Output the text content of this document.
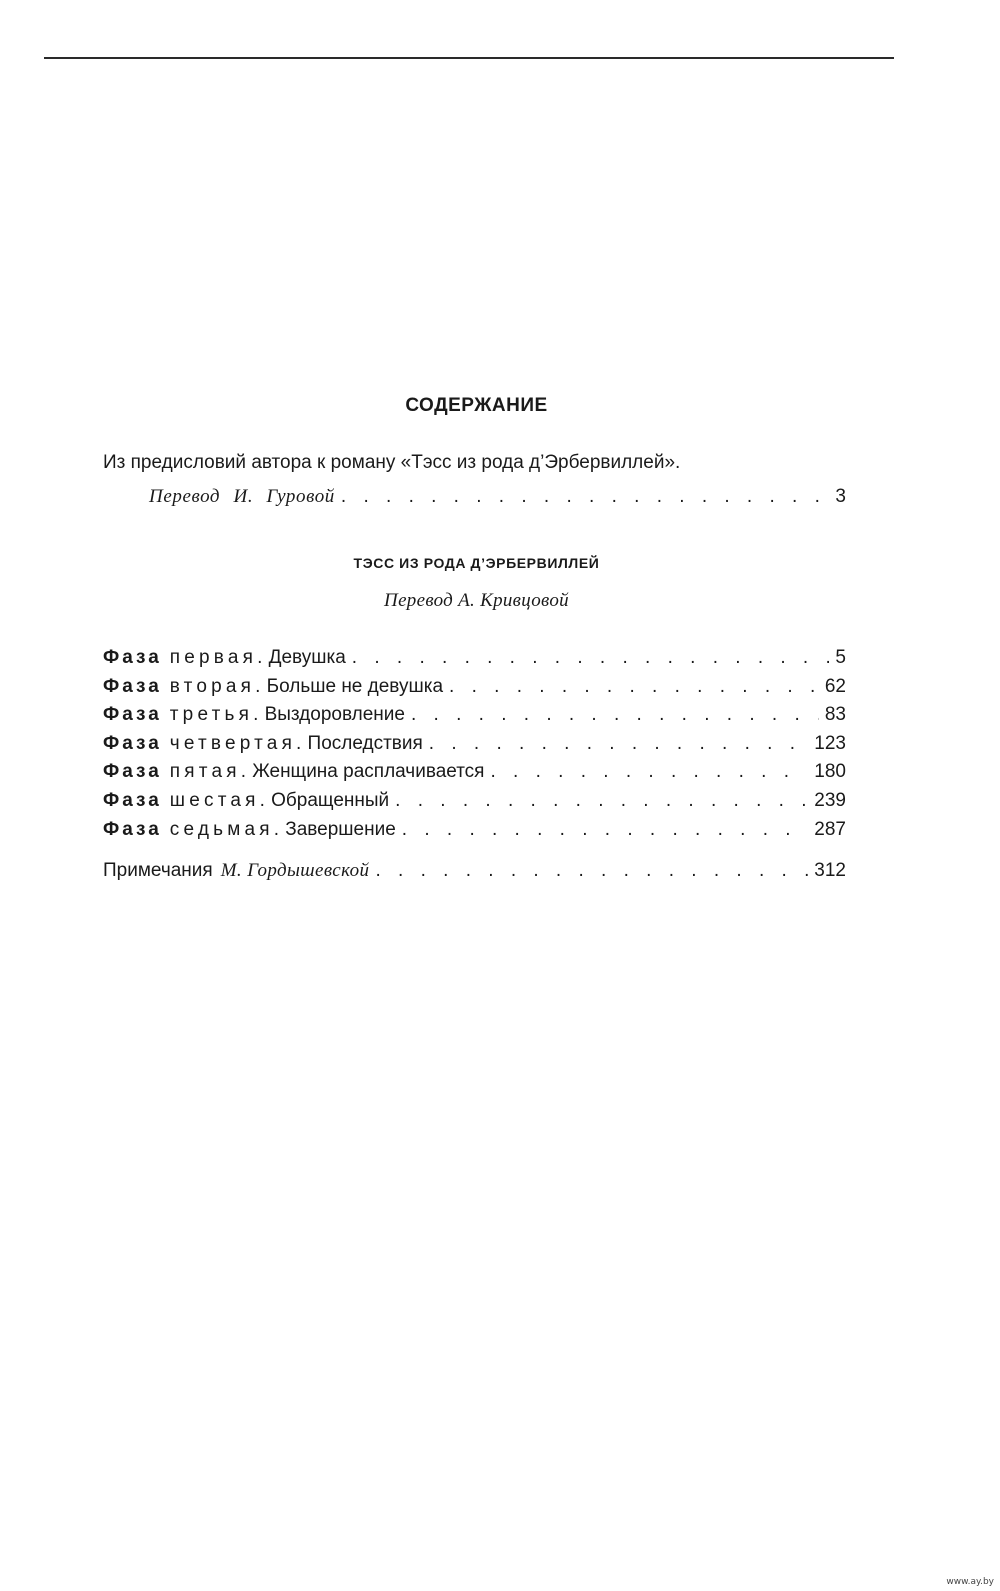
СОДЕРЖАНИЕ
Из предисловий автора к роману «Тэсс из рода д’Эрбервиллей».
Перевод И. Гуровой . . .	3
ТЭСС ИЗ РОДА Д’ЭРБЕРВИЛЛЕЙ
Перевод А. Кривцовой
Фаза первая. Девушка . . .	5
Фаза вторая. Больше не девушка . . .	62
Фаза третья. Выздоровление . . .	83
Фаза четвертая. Последствия . . .	123
Фаза пятая. Женщина расплачивается . . .	180
Фаза шестая. Обращенный . . .	239
Фаза седьмая. Завершение . . .	287
Примечания М. Гордышевской . . .	312
www.ay.by
